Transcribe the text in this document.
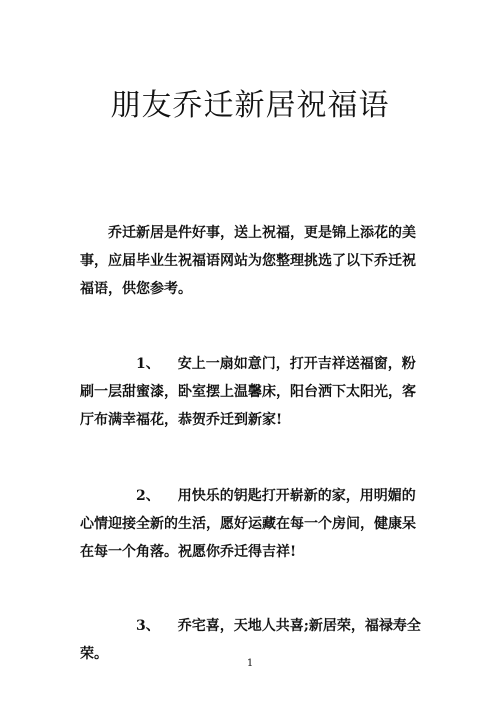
朋友乔迁新居祝福语

乔迁新居是件好事，送上祝福，更是锦上添花的美事，应届毕业生祝福语网站为您整理挑选了以下乔迁祝福语，供您参考。

1、 安上一扇如意门，打开吉祥送福窗，粉刷一层甜蜜漆，卧室摆上温馨床，阳台洒下太阳光，客厅布满幸福花，恭贺乔迁到新家!

2、 用快乐的钥匙打开崭新的家，用明媚的心情迎接全新的生活，愿好运藏在每一个房间，健康呆在每一个角落。祝愿你乔迁得吉祥!

3、 乔宅喜，天地人共喜;新居荣，福禄寿全荣。

1
